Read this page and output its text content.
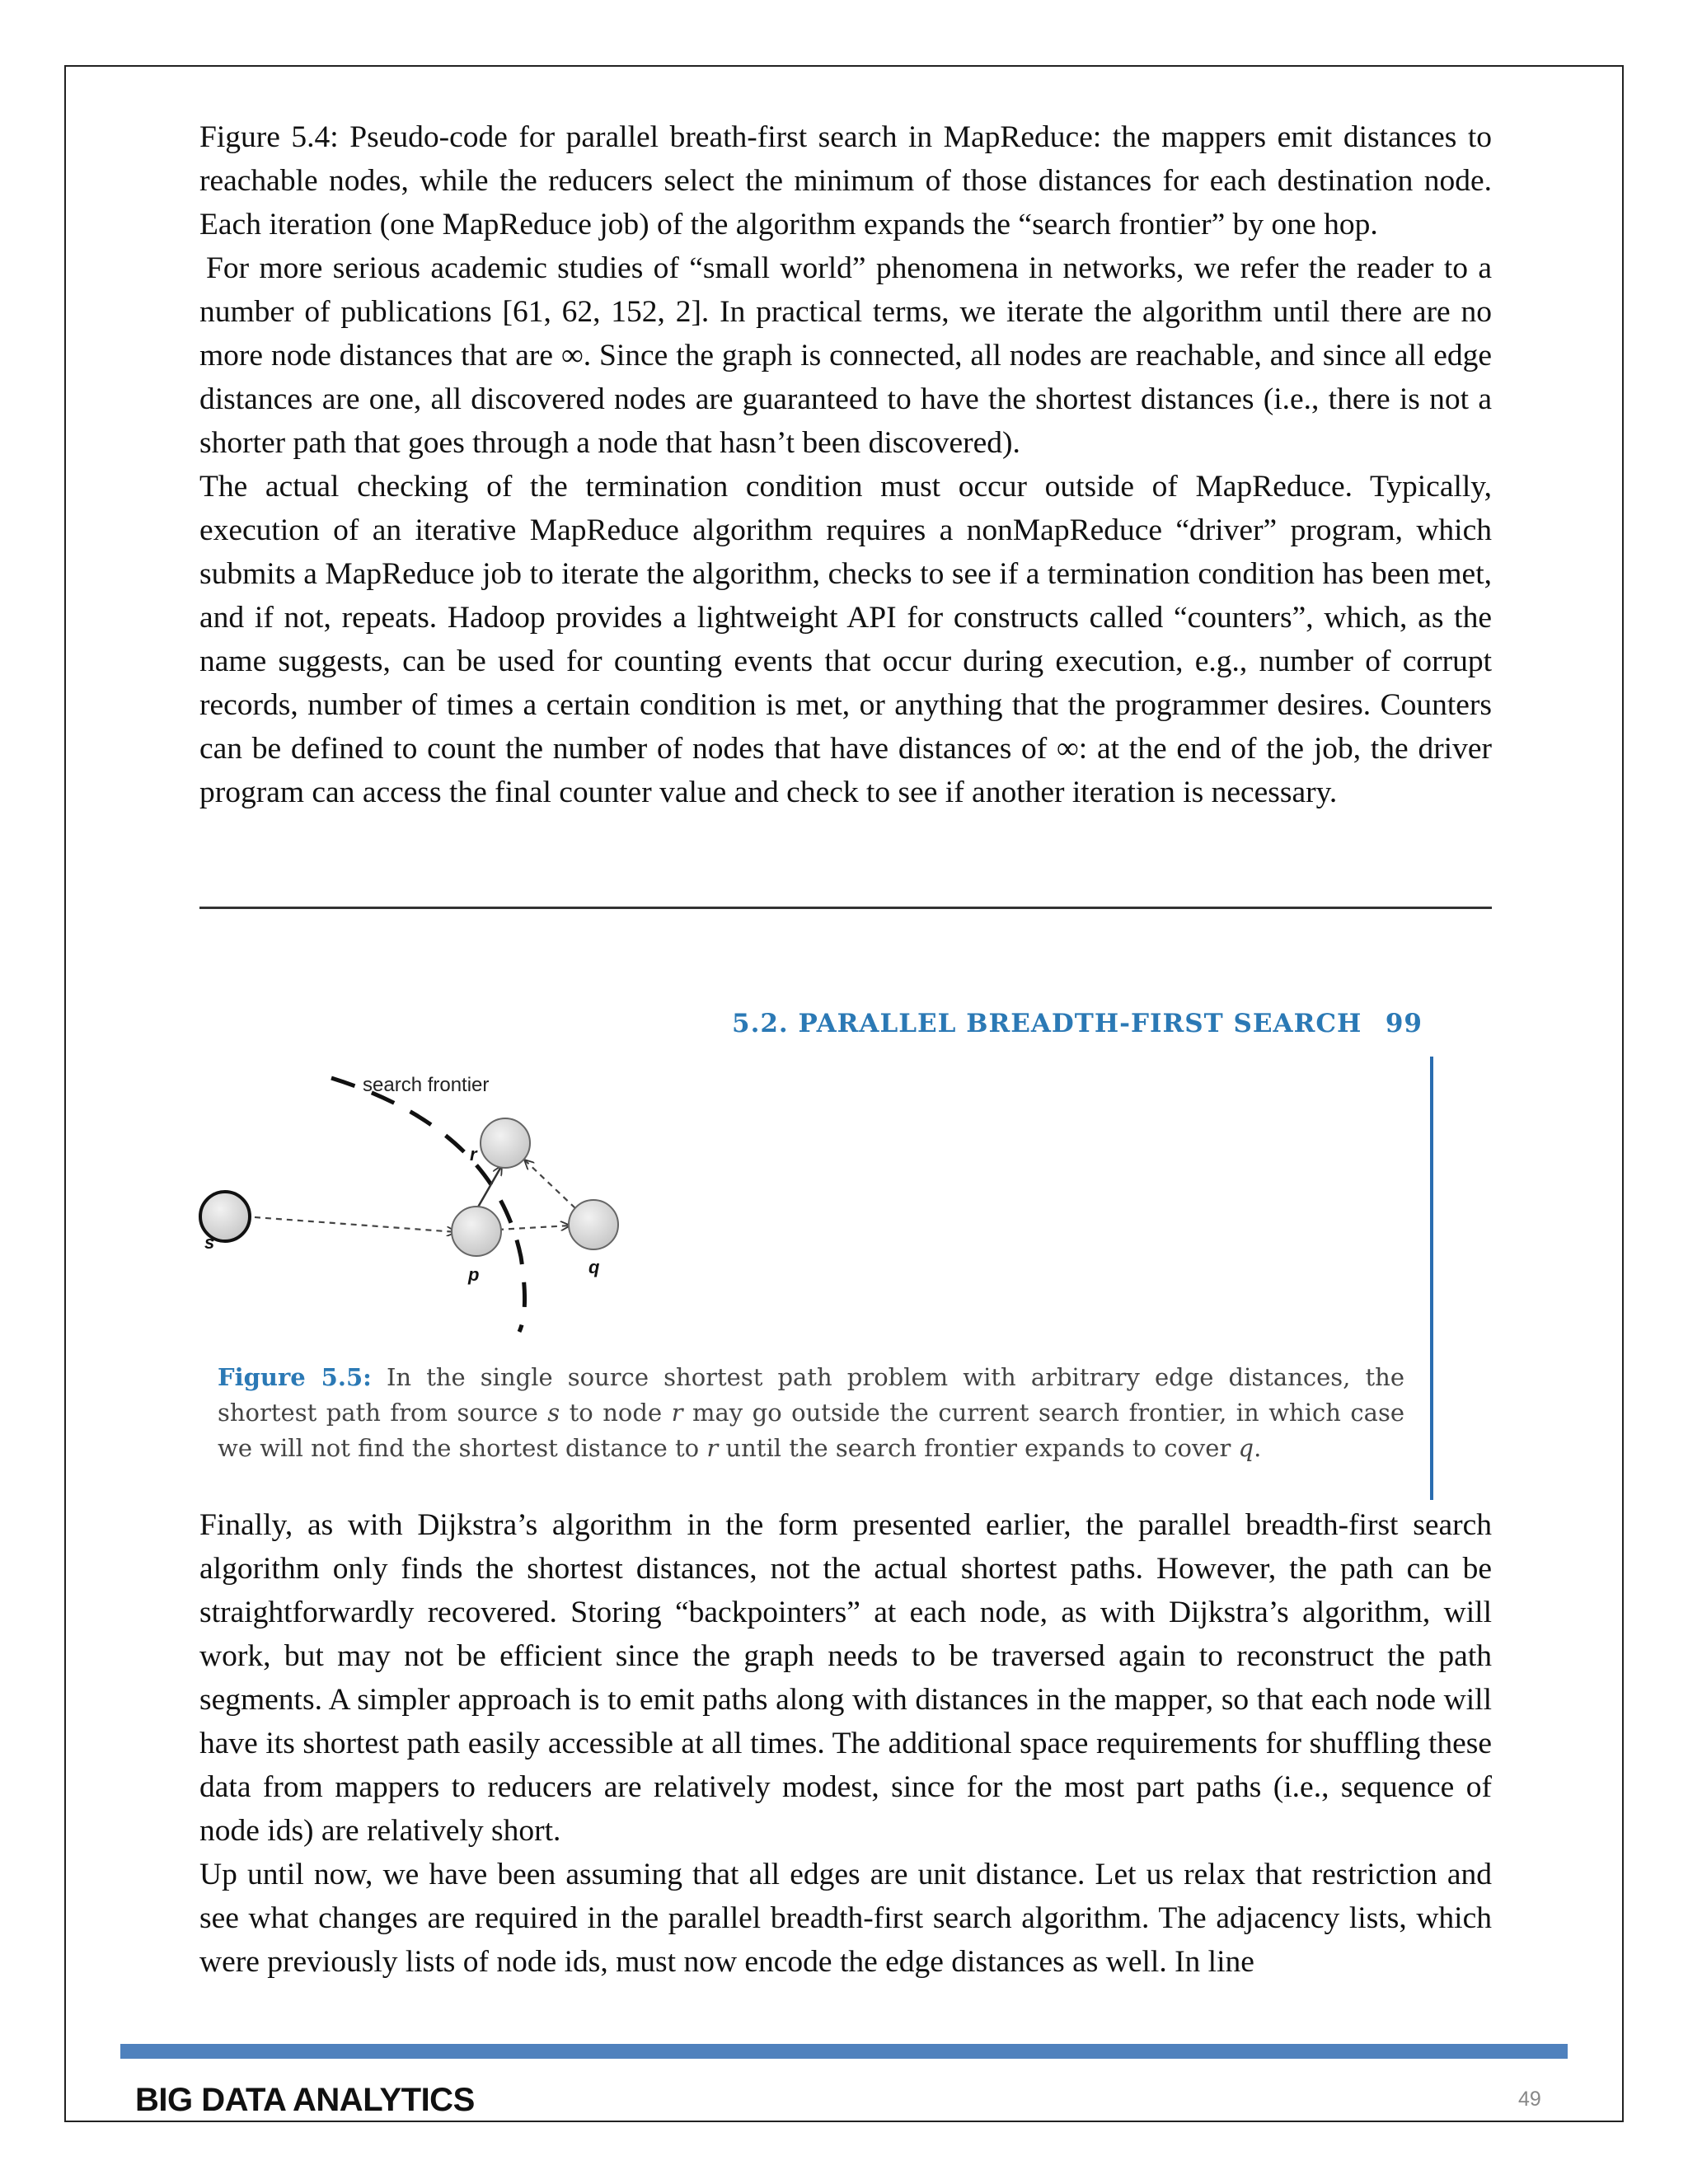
Figure 5.4: Pseudo-code for parallel breath-first search in MapReduce: the mappers emit distances to reachable nodes, while the reducers select the minimum of those distances for each destination node. Each iteration (one MapReduce job) of the algorithm expands the “search frontier” by one hop.

For more serious academic studies of “small world” phenomena in networks, we refer the reader to a number of publications [61, 62, 152, 2]. In practical terms, we iterate the algorithm until there are no more node distances that are ∞. Since the graph is connected, all nodes are reachable, and since all edge distances are one, all discovered nodes are guaranteed to have the shortest distances (i.e., there is not a shorter path that goes through a node that hasn’t been discovered).

The actual checking of the termination condition must occur outside of MapReduce. Typically, execution of an iterative MapReduce algorithm requires a nonMapReduce “driver” program, which submits a MapReduce job to iterate the algorithm, checks to see if a termination condition has been met, and if not, repeats. Hadoop provides a lightweight API for constructs called “counters”, which, as the name suggests, can be used for counting events that occur during execution, e.g., number of corrupt records, number of times a certain condition is met, or anything that the programmer desires. Counters can be defined to count the number of nodes that have distances of ∞: at the end of the job, the driver program can access the final counter value and check to see if another iteration is necessary.

5.2. PARALLEL BREADTH-FIRST SEARCH 99
search frontier
s
p	q
r
Figure 5.5: In the single source shortest path problem with arbitrary edge distances, the shortest path from source s to node r may go outside the current search frontier, in which case we will not find the shortest distance to r until the search frontier expands to cover q.

Finally, as with Dijkstra’s algorithm in the form presented earlier, the parallel breadth-first search algorithm only finds the shortest distances, not the actual shortest paths. However, the path can be straightforwardly recovered. Storing “backpointers” at each node, as with Dijkstra’s algorithm, will work, but may not be efficient since the graph needs to be traversed again to reconstruct the path segments. A simpler approach is to emit paths along with distances in the mapper, so that each node will have its shortest path easily accessible at all times. The additional space requirements for shuffling these data from mappers to reducers are relatively modest, since for the most part paths (i.e., sequence of node ids) are relatively short.

Up until now, we have been assuming that all edges are unit distance. Let us relax that restriction and see what changes are required in the parallel breadth-first search algorithm. The adjacency lists, which were previously lists of node ids, must now encode the edge distances as well. In line

BIG DATA ANALYTICS	49
